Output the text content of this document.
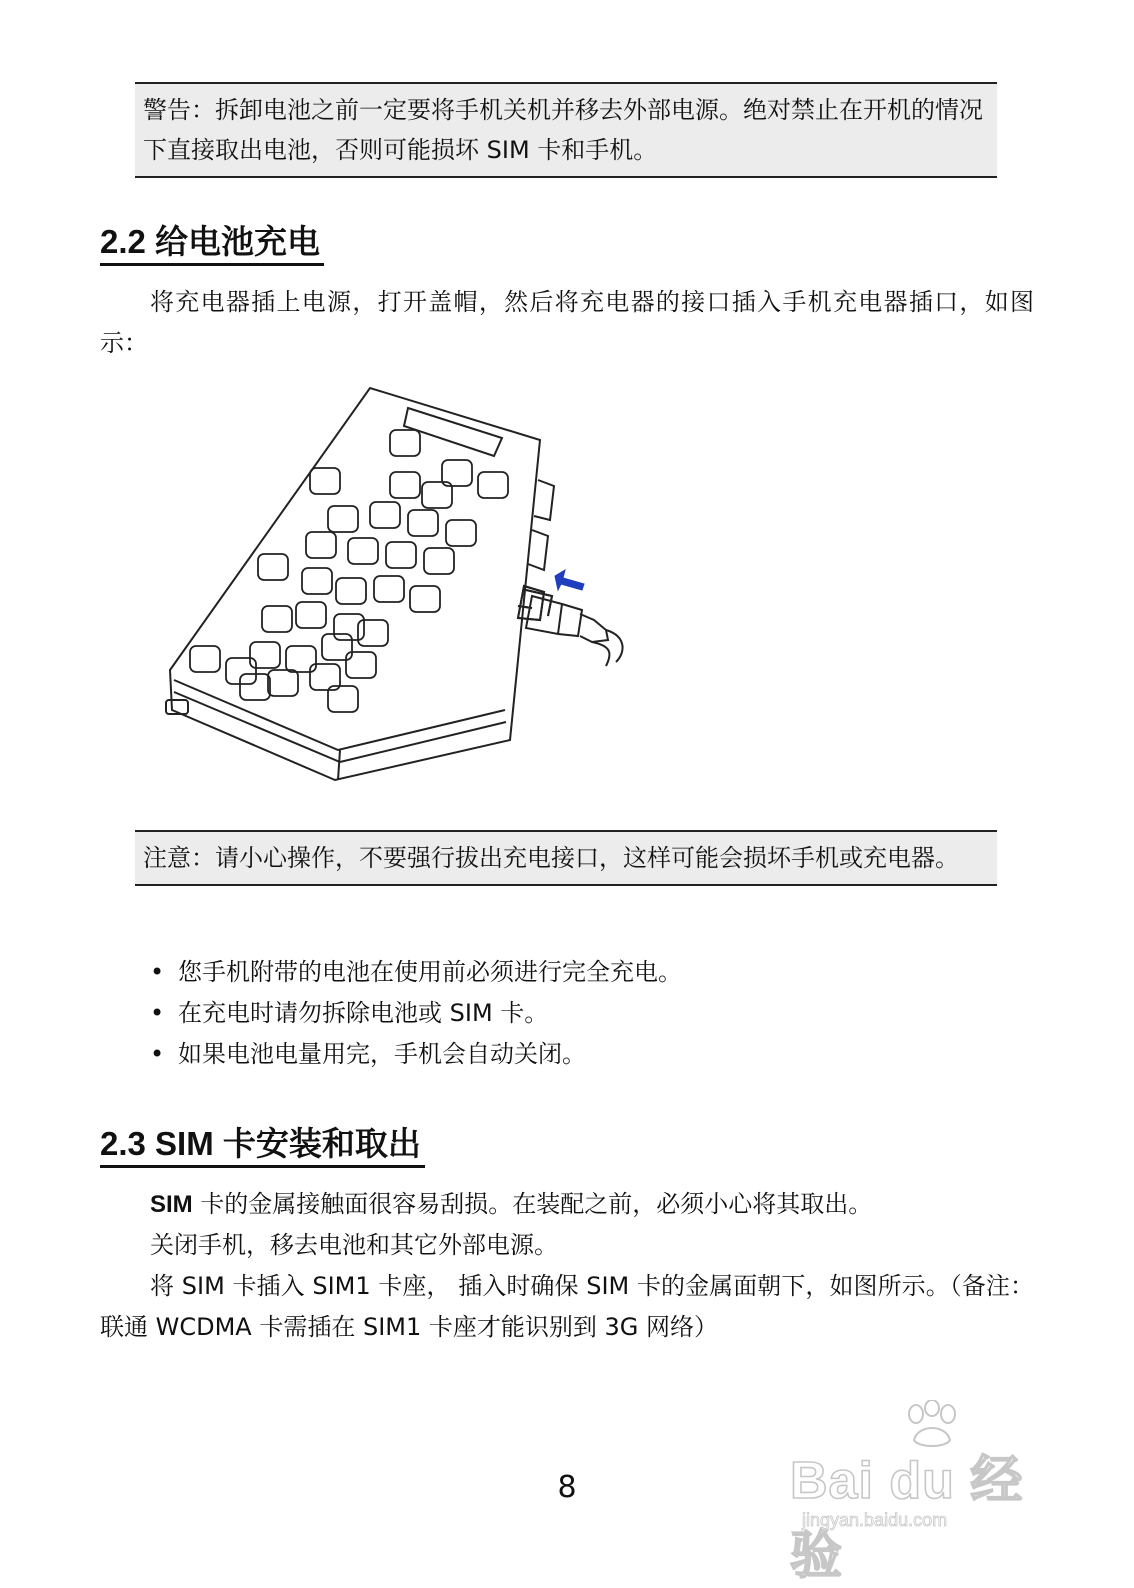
警告：拆卸电池之前一定要将手机关机并移去外部电源。绝对禁止在开机的情况下直接取出电池，否则可能损坏 SIM 卡和手机。
2.2 给电池充电
将充电器插上电源，打开盖帽，然后将充电器的接口插入手机充电器插口，如图示：
注意：请小心操作，不要强行拔出充电接口，这样可能会损坏手机或充电器。
• 您手机附带的电池在使用前必须进行完全充电。
• 在充电时请勿拆除电池或 SIM 卡。
• 如果电池电量用完，手机会自动关闭。
2.3 SIM 卡安装和取出
SIM 卡的金属接触面很容易刮损。在装配之前，必须小心将其取出。
关闭手机，移去电池和其它外部电源。
将 SIM 卡插入 SIM1 卡座， 插入时确保 SIM 卡的金属面朝下，如图所示。（备注：联通 WCDMA 卡需插在 SIM1 卡座才能识别到 3G 网络）
8	Bai du 经验
jingyan.baidu.com
